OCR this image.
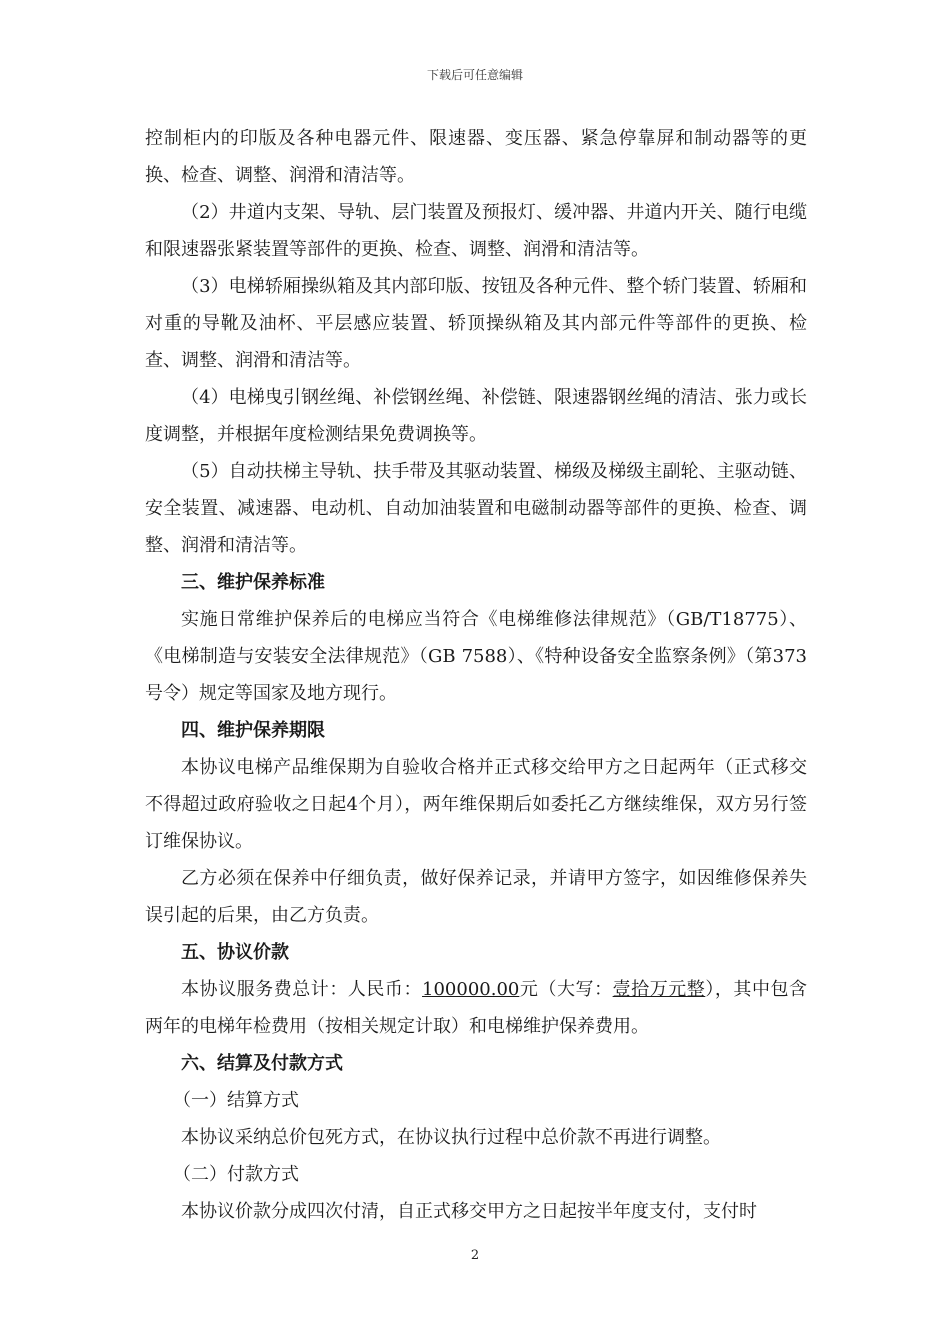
下载后可任意编辑

控制柜内的印版及各种电器元件、限速器、变压器、紧急停靠屏和制动器等的更换、检查、调整、润滑和清洁等。

（2）井道内支架、导轨、层门装置及预报灯、缓冲器、井道内开关、随行电缆和限速器张紧装置等部件的更换、检查、调整、润滑和清洁等。

（3）电梯轿厢操纵箱及其内部印版、按钮及各种元件、整个轿门装置、轿厢和对重的导靴及油杯、平层感应装置、轿顶操纵箱及其内部元件等部件的更换、检查、调整、润滑和清洁等。

（4）电梯曳引钢丝绳、补偿钢丝绳、补偿链、限速器钢丝绳的清洁、张力或长度调整，并根据年度检测结果免费调换等。

（5）自动扶梯主导轨、扶手带及其驱动装置、梯级及梯级主副轮、主驱动链、安全装置、减速器、电动机、自动加油装置和电磁制动器等部件的更换、检查、调整、润滑和清洁等。

三、维护保养标准

实施日常维护保养后的电梯应当符合《电梯维修法律规范》（GB/T18775）、《电梯制造与安装安全法律规范》（GB 7588）、《特种设备安全监察条例》（第373号令）规定等国家及地方现行。

四、维护保养期限

本协议电梯产品维保期为自验收合格并正式移交给甲方之日起两年（正式移交不得超过政府验收之日起4个月），两年维保期后如委托乙方继续维保，双方另行签订维保协议。

乙方必须在保养中仔细负责，做好保养记录，并请甲方签字，如因维修保养失误引起的后果，由乙方负责。

五、协议价款

本协议服务费总计：人民币：100000.00元（大写：壹拾万元整），其中包含两年的电梯年检费用（按相关规定计取）和电梯维护保养费用。

六、结算及付款方式

（一）结算方式

本协议采纳总价包死方式，在协议执行过程中总价款不再进行调整。

（二）付款方式

本协议价款分成四次付清，自正式移交甲方之日起按半年度支付，支付时

2
